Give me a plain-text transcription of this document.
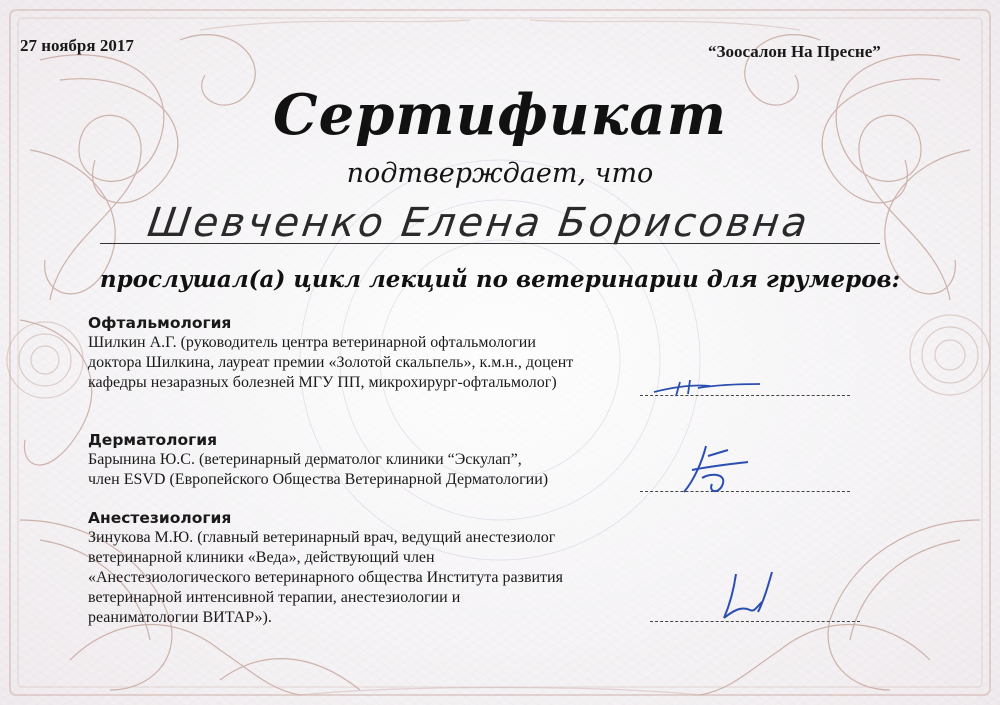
27 ноября 2017	“Зоосалон На Пресне”
Сертификат
подтверждает, что
Шевченко Елена Борисовна
прослушал(а) цикл лекций по ветеринарии для грумеров:
Офтальмология
Шилкин А.Г. (руководитель центра ветеринарной офтальмологии
доктора Шилкина, лауреат премии «Золотой скальпель», к.м.н., доцент
кафедры незаразных болезней МГУ ПП, микрохирург-офтальмолог)
Дерматология
Барынина Ю.С. (ветеринарный дерматолог клиники “Эскулап”,
член ESVD (Европейского Общества Ветеринарной Дерматологии)
Анестезиология
Зинукова М.Ю. (главный ветеринарный врач, ведущий анестезиолог
ветеринарной клиники «Веда», действующий член
«Анестезиологического ветеринарного общества Института развития
ветеринарной интенсивной терапии, анестезиологии и
реаниматологии ВИТАР»).
